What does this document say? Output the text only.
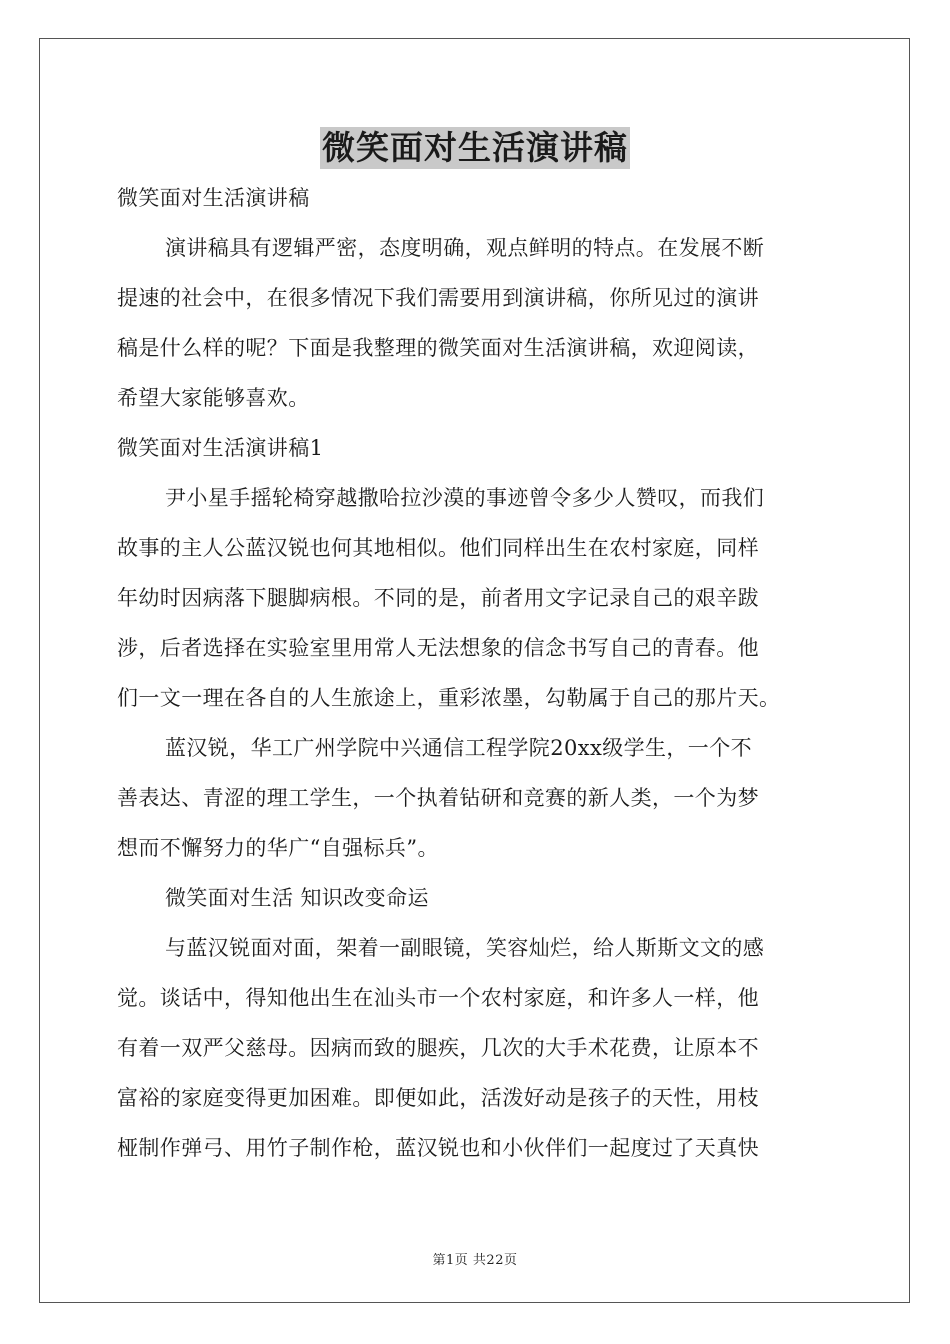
微笑面对生活演讲稿
微笑面对生活演讲稿
演讲稿具有逻辑严密，态度明确，观点鲜明的特点。在发展不断
提速的社会中，在很多情况下我们需要用到演讲稿，你所见过的演讲
稿是什么样的呢？下面是我整理的微笑面对生活演讲稿，欢迎阅读，
希望大家能够喜欢。
微笑面对生活演讲稿1
尹小星手摇轮椅穿越撒哈拉沙漠的事迹曾令多少人赞叹，而我们
故事的主人公蓝汉锐也何其地相似。他们同样出生在农村家庭，同样
年幼时因病落下腿脚病根。不同的是，前者用文字记录自己的艰辛跋
涉，后者选择在实验室里用常人无法想象的信念书写自己的青春。他
们一文一理在各自的人生旅途上，重彩浓墨，勾勒属于自己的那片天。
蓝汉锐，华工广州学院中兴通信工程学院20xx级学生，一个不
善表达、青涩的理工学生，一个执着钻研和竞赛的新人类，一个为梦
想而不懈努力的华广“自强标兵”。
微笑面对生活 知识改变命运
与蓝汉锐面对面，架着一副眼镜，笑容灿烂，给人斯斯文文的感
觉。谈话中，得知他出生在汕头市一个农村家庭，和许多人一样，他
有着一双严父慈母。因病而致的腿疾，几次的大手术花费，让原本不
富裕的家庭变得更加困难。即便如此，活泼好动是孩子的天性，用枝
桠制作弹弓、用竹子制作枪，蓝汉锐也和小伙伴们一起度过了天真快
第1页 共22页
